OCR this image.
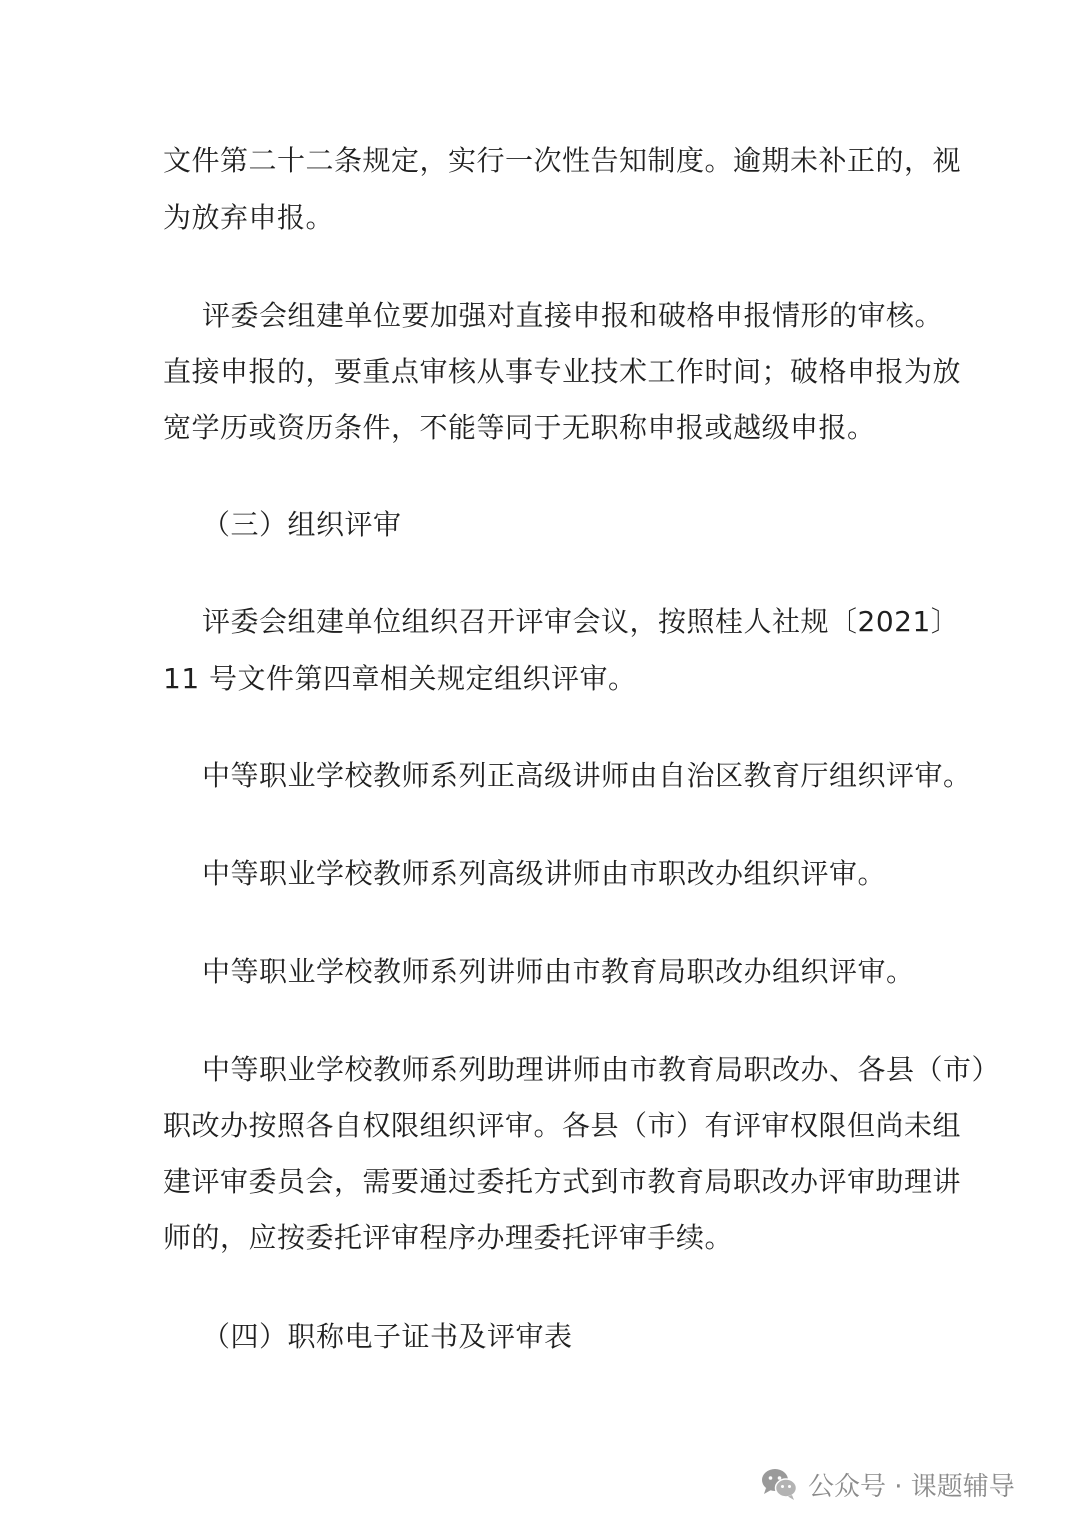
文件第二十二条规定，实行一次性告知制度。逾期未补正的，视
为放弃申报。
评委会组建单位要加强对直接申报和破格申报情形的审核。
直接申报的，要重点审核从事专业技术工作时间；破格申报为放
宽学历或资历条件，不能等同于无职称申报或越级申报。
（三）组织评审
评委会组建单位组织召开评审会议，按照桂人社规〔2021〕
11 号文件第四章相关规定组织评审。
中等职业学校教师系列正高级讲师由自治区教育厅组织评审。
中等职业学校教师系列高级讲师由市职改办组织评审。
中等职业学校教师系列讲师由市教育局职改办组织评审。
中等职业学校教师系列助理讲师由市教育局职改办、各县（市）
职改办按照各自权限组织评审。各县（市）有评审权限但尚未组
建评审委员会，需要通过委托方式到市教育局职改办评审助理讲
师的，应按委托评审程序办理委托评审手续。
（四）职称电子证书及评审表
公众号 · 课题辅导
